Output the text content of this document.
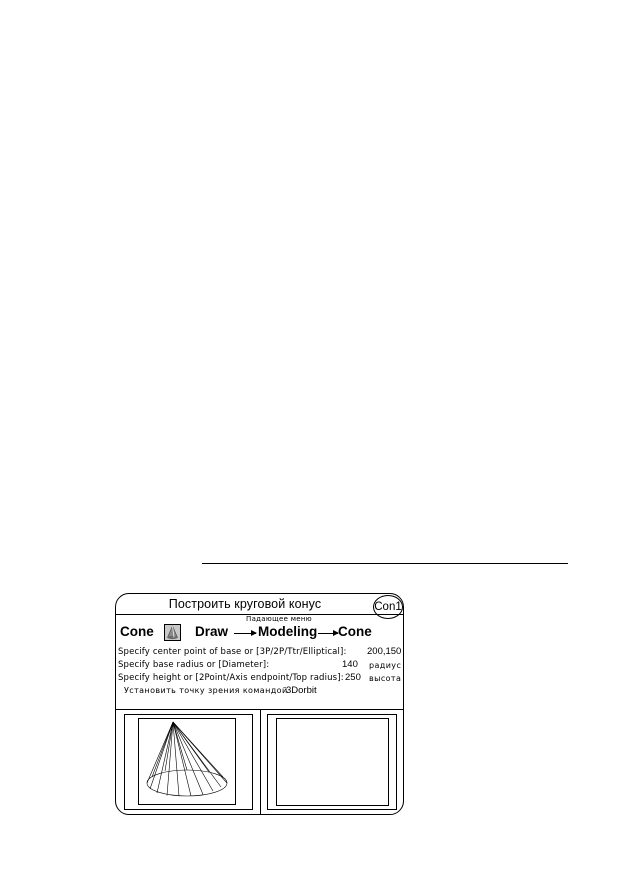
Построить круговой конус	Con1
Падающее меню
Cone	Draw Modeling Cone
Specify center point of base or [3P/2P/Ttr/Elliptical]: 200,150
Specify base radius or [Diameter]:	140 радиус
Specify height or [2Point/Axis endpoint/Top radius]: 250 высота
Установить точку зрения командой
3Dorbit
